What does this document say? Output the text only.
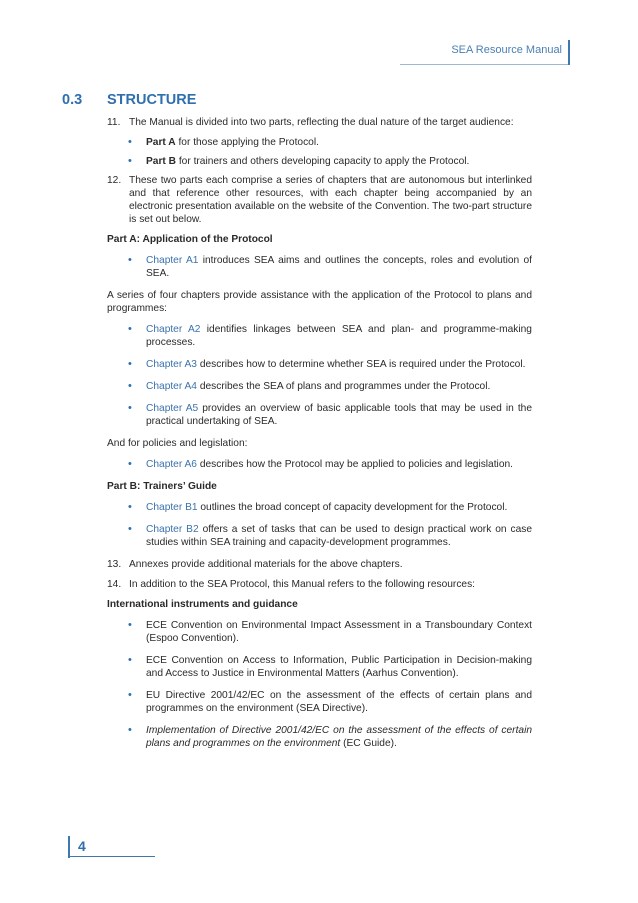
SEA Resource Manual
0.3 STRUCTURE
11. The Manual is divided into two parts, reflecting the dual nature of the target audience:
• Part A for those applying the Protocol.
• Part B for trainers and others developing capacity to apply the Protocol.
12. These two parts each comprise a series of chapters that are autonomous but interlinked and that reference other resources, with each chapter being accompanied by an electronic presentation available on the website of the Convention. The two-part structure is set out below.
Part A: Application of the Protocol
• Chapter A1 introduces SEA aims and outlines the concepts, roles and evolution of SEA.
A series of four chapters provide assistance with the application of the Protocol to plans and programmes:
• Chapter A2 identifies linkages between SEA and plan- and programme-making processes.
• Chapter A3 describes how to determine whether SEA is required under the Protocol.
• Chapter A4 describes the SEA of plans and programmes under the Protocol.
• Chapter A5 provides an overview of basic applicable tools that may be used in the practical undertaking of SEA.
And for policies and legislation:
• Chapter A6 describes how the Protocol may be applied to policies and legislation.
Part B: Trainers’ Guide
• Chapter B1 outlines the broad concept of capacity development for the Protocol.
• Chapter B2 offers a set of tasks that can be used to design practical work on case studies within SEA training and capacity-development programmes.
13. Annexes provide additional materials for the above chapters.
14. In addition to the SEA Protocol, this Manual refers to the following resources:
International instruments and guidance
• ECE Convention on Environmental Impact Assessment in a Transboundary Context (Espoo Convention).
• ECE Convention on Access to Information, Public Participation in Decision-making and Access to Justice in Environmental Matters (Aarhus Convention).
• EU Directive 2001/42/EC on the assessment of the effects of certain plans and programmes on the environment (SEA Directive).
• Implementation of Directive 2001/42/EC on the assessment of the effects of certain plans and programmes on the environment (EC Guide).
4
